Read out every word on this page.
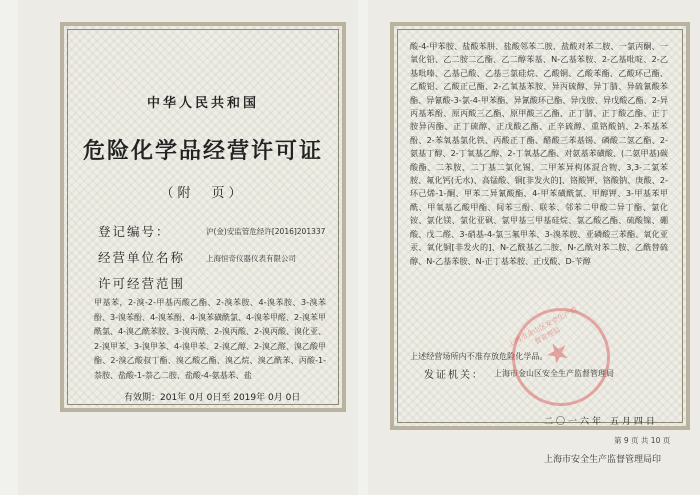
中华人民共和国
危险化学品经营许可证
（附　页）
登记编号：	沪(金)安监管危经许[2016]201337
经营单位名称	上海恒奇仪器仪表有限公司
许可经营范围
甲基苯，2-溴-2-甲基丙酸乙酯、2-溴苯胺、4-溴苯胺、3-溴苯酚、3-溴苯酚、4-溴苯酚、4-溴苯磺酰氯、4-溴苯甲醛、2-溴苯甲酰氯、4-溴乙酰苯胺、3-溴丙酰、2-溴丙酸、2-溴丙酸、溴化亚、2-溴甲苯、3-溴甲苯、4-溴甲苯、2-溴乙醇、2-溴乙醛、溴乙酸甲酯、2-溴乙酸叔丁酯、溴乙酸乙酯、溴乙烷、溴乙酰苯、丙酸-1-萘胺、盐酸-1-萘乙二胺、盐酸-4-氨基苯、盐
有效期：201年 0月 0日至 2019年 0月 0日
酸-4-甲苯胺、盐酸苯肼、盐酸邻苯二胺、盐酸对苯二胺、一氯丙酮、一氧化铅、乙二胺二乙酯、乙二醇苯基、N-乙基苯胺、2-乙基吡啶、2-乙基吡嗪、乙基己酸、乙基三氯硅烷、乙酸铜、乙酸苯酯、乙酸环己酯、乙酸铝、乙酸正己酯、2-乙氧基苯胺、异丙硫醇、异丁腈、异硫氰酸苯酯、异氰酸-3-氯-4-甲苯酯、异氰酸环己酯、异戊胺、异戊酸乙酯、2-异丙基苯酚、原丙酸三乙酯、原甲酸三乙酯、正丁腈、正丁酸乙酯、正丁胺异丙酯、正丁硫醇、正戊酸乙酯、正辛硫醇、重铬酸钠、2-苯基苯酚、2-苯氧基氯化铁、丙酸正丁酯、醋酸三苯基锡、磷酸二氢乙酯、2-氨基丁醇、2-丁氧基乙醇、2-丁氧基乙酯、对氨基苯磺酸、(二氨甲基)碳酸酯、二苯胺、二丁基二氯化锡、二甲苯异构体混合物、3,3-二氯苯胺、氟化钙(无水)、高锰酸、铜[非发火的]、铬酸钾、铬酸钠、庚酸、2-环己烯-1-酮、甲苯二异氰酸酯、4-甲苯磺酰氯、甲醇钾、3-甲基苯甲酰、甲氧基乙酸甲酯、间苯三酚、联苯、邻苯二甲酸二异丁酯、氯化铵、氯化镁、氯化亚砜、氯甲基三甲基硅烷、氯乙酸乙酯、硫酸镍、硼酸、戊二醛、3-硝基-4-氯三氟甲苯、3-溴苯胺、亚磷酸三苯酯、氧化亚汞、氧化铜[非发火的]、N-乙酰基乙二胺、N-乙酰对苯二胺、乙酰替硫醇、N-乙基苯胺、N-正丁基苯胺、正戊酸、D-苄醇
上述经营场所内不准存放危险化学品。
发证机关： 上海市金山区安全生产监督管理局
上海市金山区安全生产监督管理局
二〇一六年 五月四日
第 9 页 共 10 页
上海市安全生产监督管理局印
